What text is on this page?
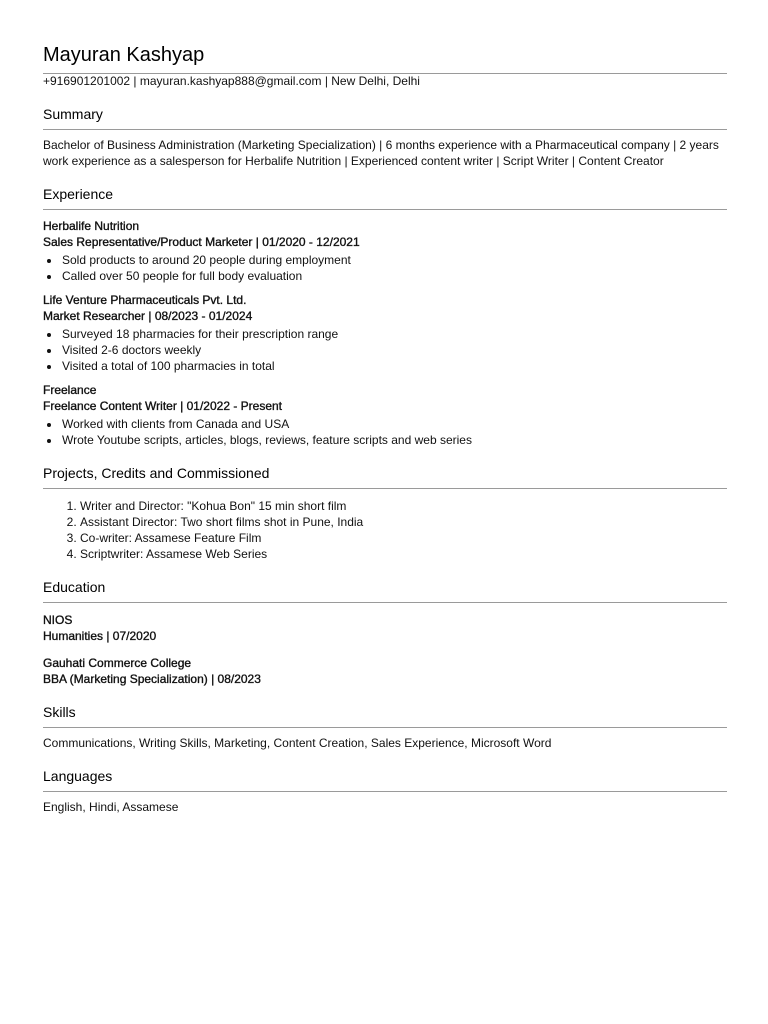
Mayuran Kashyap
+916901201002 | mayuran.kashyap888@gmail.com | New Delhi, Delhi
Summary
Bachelor of Business Administration (Marketing Specialization) | 6 months experience with a Pharmaceutical company | 2 years work experience as a salesperson for Herbalife Nutrition | Experienced content writer | Script Writer | Content Creator
Experience
Herbalife Nutrition
Sales Representative/Product Marketer | 01/2020 - 12/2021
• Sold products to around 20 people during employment
• Called over 50 people for full body evaluation
Life Venture Pharmaceuticals Pvt. Ltd.
Market Researcher | 08/2023 - 01/2024
• Surveyed 18 pharmacies for their prescription range
• Visited 2-6 doctors weekly
• Visited a total of 100 pharmacies in total
Freelance
Freelance Content Writer | 01/2022 - Present
• Worked with clients from Canada and USA
• Wrote Youtube scripts, articles, blogs, reviews, feature scripts and web series
Projects, Credits and Commissioned
1. Writer and Director: "Kohua Bon" 15 min short film
2. Assistant Director: Two short films shot in Pune, India
3. Co-writer: Assamese Feature Film
4. Scriptwriter: Assamese Web Series
Education
NIOS
Humanities | 07/2020
Gauhati Commerce College
BBA (Marketing Specialization) | 08/2023
Skills
Communications, Writing Skills, Marketing, Content Creation, Sales Experience, Microsoft Word
Languages
English, Hindi, Assamese
